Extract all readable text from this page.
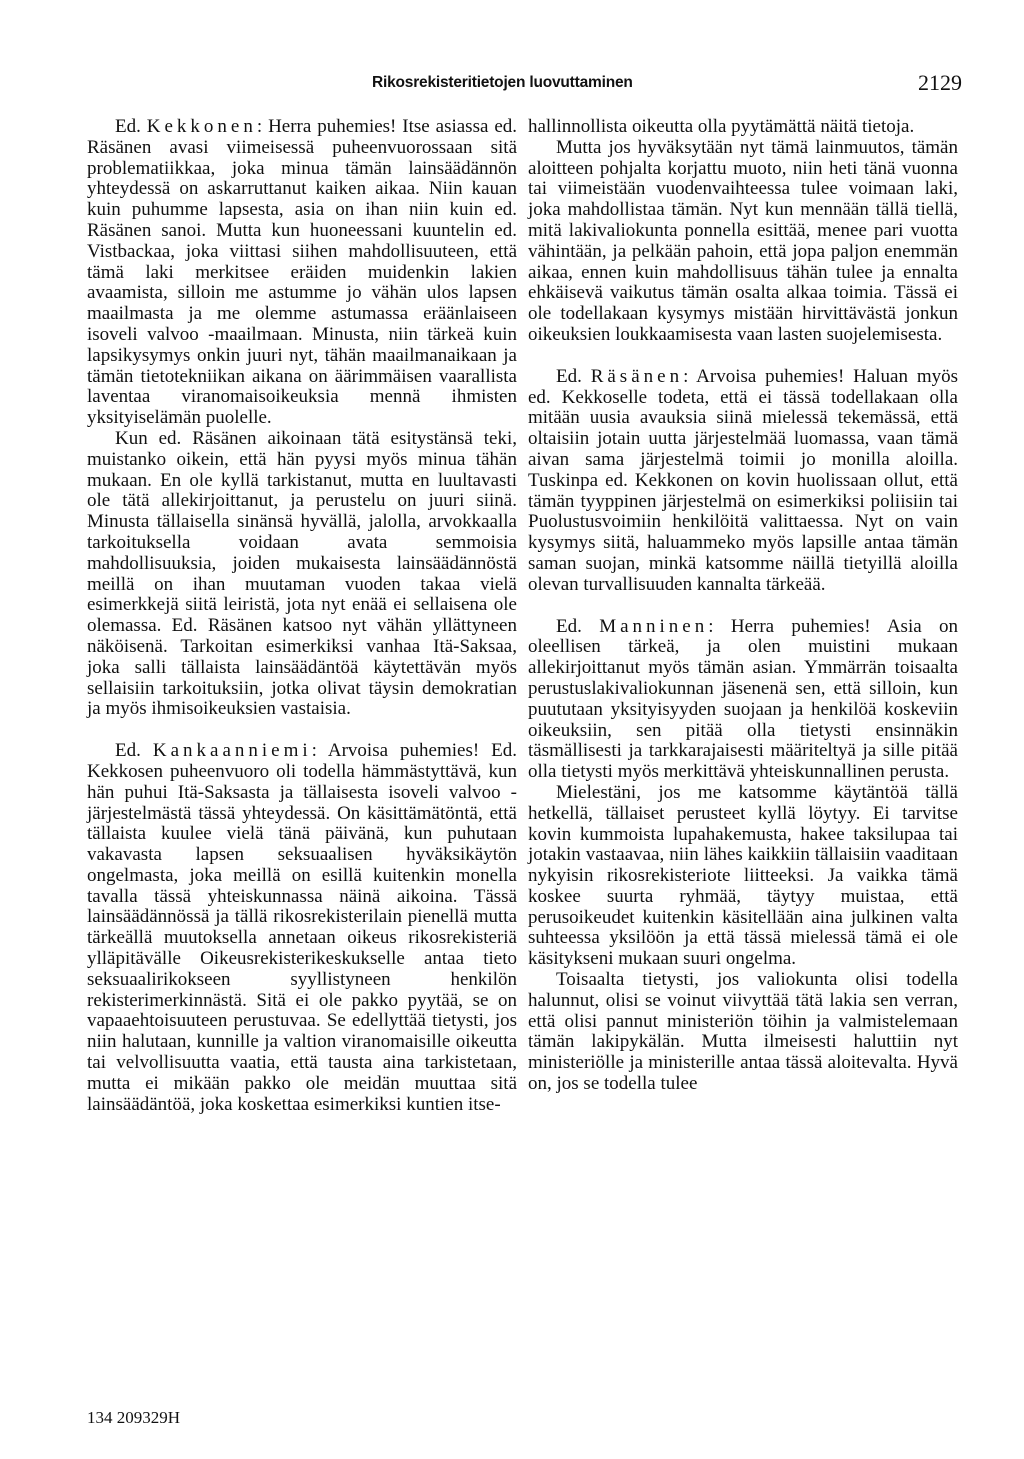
Rikosrekisteritietojen luovuttaminen	2129

Ed. Kekkonen: Herra puhemies! Itse asiassa ed. Räsänen avasi viimeisessä puheenvuorossaan sitä problematiikkaa, joka minua tämän lainsäädännön yhteydessä on askarruttanut kaiken aikaa. Niin kauan kuin puhumme lapsesta, asia on ihan niin kuin ed. Räsänen sanoi. Mutta kun huoneessani kuuntelin ed. Vistbackaa, joka viittasi siihen mahdollisuuteen, että tämä laki merkitsee eräiden muidenkin lakien avaamista, silloin me astumme jo vähän ulos lapsen maailmasta ja me olemme astumassa eräänlaiseen isoveli valvoo -maailmaan. Minusta, niin tärkeä kuin lapsikysymys onkin juuri nyt, tähän maailmanaikaan ja tämän tietotekniikan aikana on äärimmäisen vaarallista laventaa viranomaisoikeuksia mennä ihmisten yksityiselämän puolelle.

Kun ed. Räsänen aikoinaan tätä esitystänsä teki, muistanko oikein, että hän pyysi myös minua tähän mukaan. En ole kyllä tarkistanut, mutta en luultavasti ole tätä allekirjoittanut, ja perustelu on juuri siinä. Minusta tällaisella sinänsä hyvällä, jalolla, arvokkaalla tarkoituksella voidaan avata semmoisia mahdollisuuksia, joiden mukaisesta lainsäädännöstä meillä on ihan muutaman vuoden takaa vielä esimerkkejä siitä leiristä, jota nyt enää ei sellaisena ole olemassa. Ed. Räsänen katsoo nyt vähän yllättyneen näköisenä. Tarkoitan esimerkiksi vanhaa Itä-Saksaa, joka salli tällaista lainsäädäntöä käytettävän myös sellaisiin tarkoituksiin, jotka olivat täysin demokratian ja myös ihmisoikeuksien vastaisia.

Ed. Kankaanniemi: Arvoisa puhemies! Ed. Kekkosen puheenvuoro oli todella hämmästyttävä, kun hän puhui Itä-Saksasta ja tällaisesta isoveli valvoo -järjestelmästä tässä yhteydessä. On käsittämätöntä, että tällaista kuulee vielä tänä päivänä, kun puhutaan vakavasta lapsen seksuaalisen hyväksikäytön ongelmasta, joka meillä on esillä kuitenkin monella tavalla tässä yhteiskunnassa näinä aikoina. Tässä lainsäädännössä ja tällä rikosrekisterilain pienellä mutta tärkeällä muutoksella annetaan oikeus rikosrekisteriä ylläpitävälle Oikeusrekisterikeskukselle antaa tieto seksuaalirikokseen syyllistyneen henkilön rekisterimerkinnästä. Sitä ei ole pakko pyytää, se on vapaaehtoisuuteen perustuvaa. Se edellyttää tietysti, jos niin halutaan, kunnille ja valtion viranomaisille oikeutta tai velvollisuutta vaatia, että tausta aina tarkistetaan, mutta ei mikään pakko ole meidän muuttaa sitä lainsäädäntöä, joka koskettaa esimerkiksi kuntien itse-

hallinnollista oikeutta olla pyytämättä näitä tietoja.

Mutta jos hyväksytään nyt tämä lainmuutos, tämän aloitteen pohjalta korjattu muoto, niin heti tänä vuonna tai viimeistään vuodenvaihteessa tulee voimaan laki, joka mahdollistaa tämän. Nyt kun mennään tällä tiellä, mitä lakivaliokunta ponnella esittää, menee pari vuotta vähintään, ja pelkään pahoin, että jopa paljon enemmän aikaa, ennen kuin mahdollisuus tähän tulee ja ennalta ehkäisevä vaikutus tämän osalta alkaa toimia. Tässä ei ole todellakaan kysymys mistään hirvittävästä jonkun oikeuksien loukkaamisesta vaan lasten suojelemisesta.

Ed. Räsänen: Arvoisa puhemies! Haluan myös ed. Kekkoselle todeta, että ei tässä todellakaan olla mitään uusia avauksia siinä mielessä tekemässä, että oltaisiin jotain uutta järjestelmää luomassa, vaan tämä aivan sama järjestelmä toimii jo monilla aloilla. Tuskinpa ed. Kekkonen on kovin huolissaan ollut, että tämän tyyppinen järjestelmä on esimerkiksi poliisiin tai Puolustusvoimiin henkilöitä valittaessa. Nyt on vain kysymys siitä, haluammeko myös lapsille antaa tämän saman suojan, minkä katsomme näillä tietyillä aloilla olevan turvallisuuden kannalta tärkeää.

Ed. Manninen: Herra puhemies! Asia on oleellisen tärkeä, ja olen muistini mukaan allekirjoittanut myös tämän asian. Ymmärrän toisaalta perustuslakivaliokunnan jäsenenä sen, että silloin, kun puututaan yksityisyyden suojaan ja henkilöä koskeviin oikeuksiin, sen pitää olla tietysti ensinnäkin täsmällisesti ja tarkkarajaisesti määriteltyä ja sille pitää olla tietysti myös merkittävä yhteiskunnallinen perusta.

Mielestäni, jos me katsomme käytäntöä tällä hetkellä, tällaiset perusteet kyllä löytyy. Ei tarvitse kovin kummoista lupahakemusta, hakee taksilupaa tai jotakin vastaavaa, niin lähes kaikkiin tällaisiin vaaditaan nykyisin rikosrekisteriote liitteeksi. Ja vaikka tämä koskee suurta ryhmää, täytyy muistaa, että perusoikeudet kuitenkin käsitellään aina julkinen valta suhteessa yksilöön ja että tässä mielessä tämä ei ole käsitykseni mukaan suuri ongelma.

Toisaalta tietysti, jos valiokunta olisi todella halunnut, olisi se voinut viivyttää tätä lakia sen verran, että olisi pannut ministeriön töihin ja valmistelemaan tämän lakipykälän. Mutta ilmeisesti haluttiin nyt ministeriölle ja ministerille antaa tässä aloitevalta. Hyvä on, jos se todella tulee

134 209329H
